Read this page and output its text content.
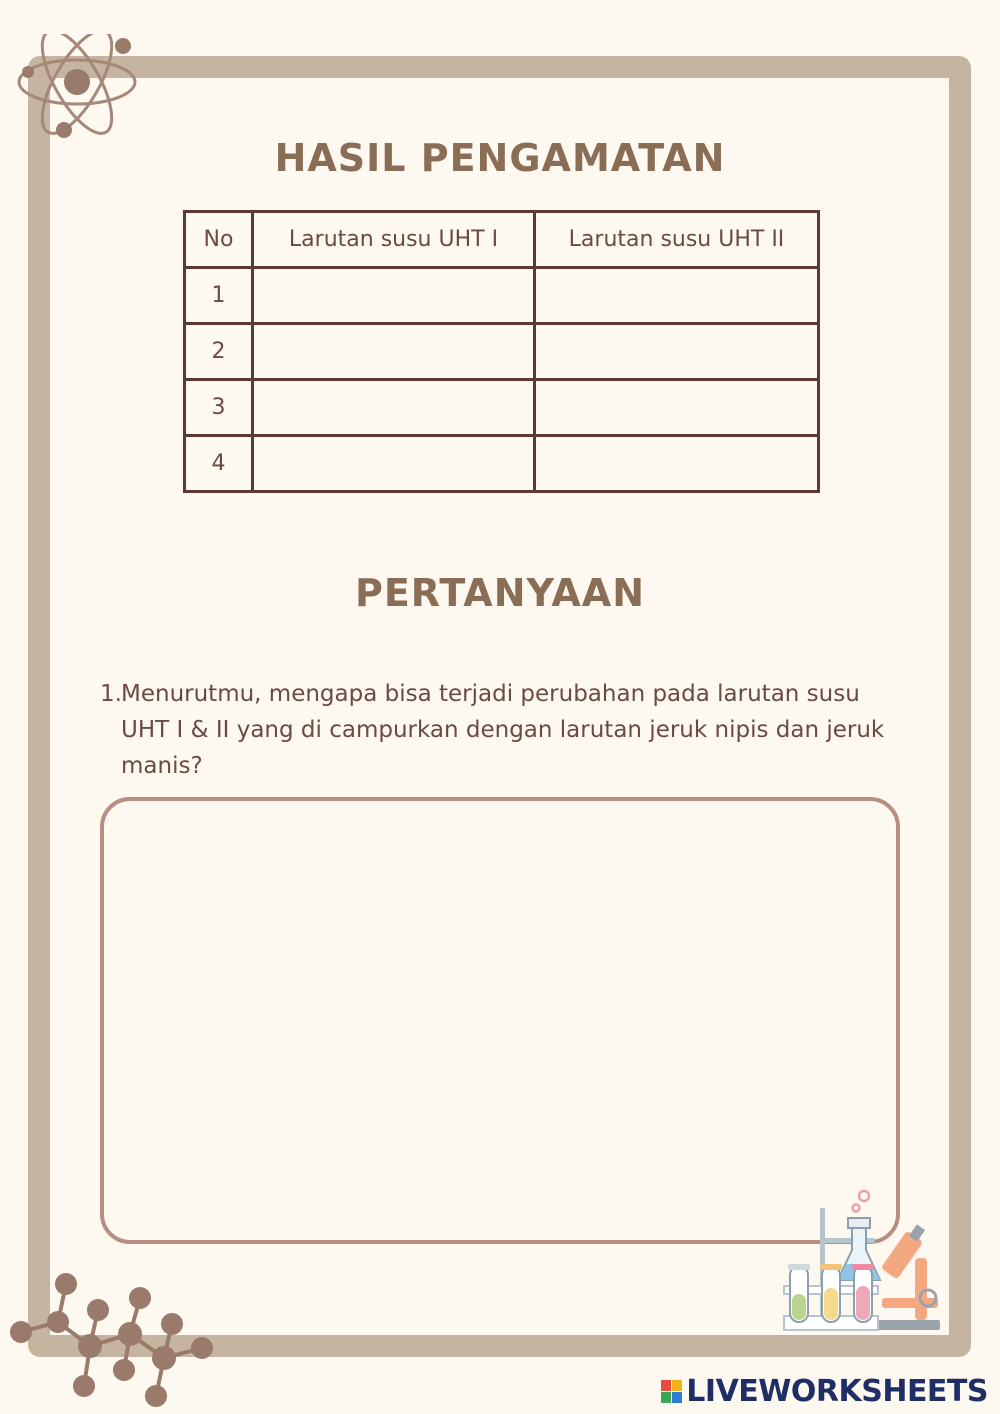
HASIL PENGAMATAN
No	Larutan susu UHT I	Larutan susu UHT II
1		
2		
3		
4		
PERTANYAAN
1. Menurutmu, mengapa bisa terjadi perubahan pada larutan susu UHT I & II yang di campurkan dengan larutan jeruk nipis dan jeruk manis?
LIVEWORKSHEETS
